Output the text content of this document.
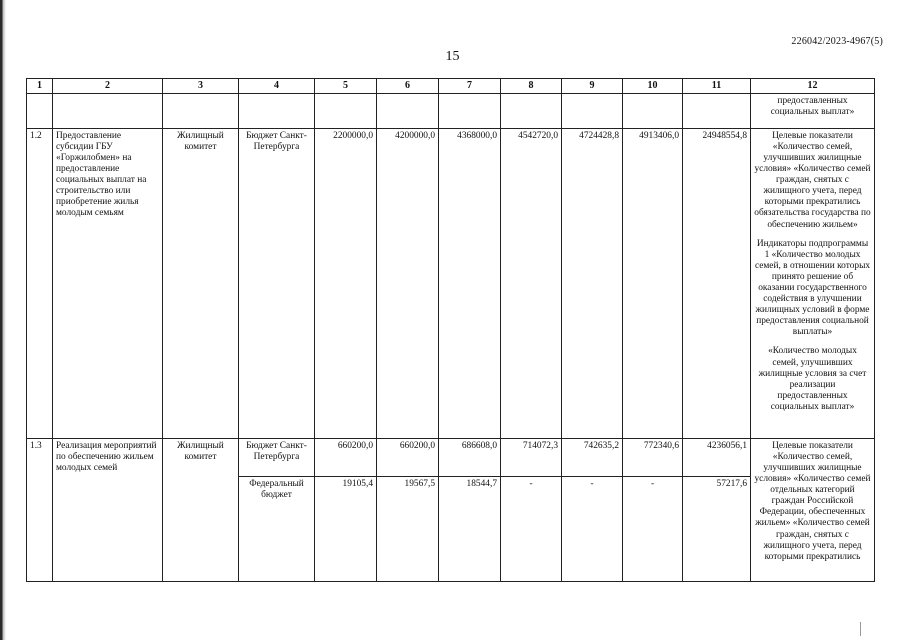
226042/2023-4967(5)
15
1	2	3	4	5	6	7	8	9	10	11	12
											предоставленных социальных выплат»
1.2	Предоставление субсидии ГБУ «Горжилобмен» на предоставление социальных выплат на строительство или приобретение жилья молодым семьям	Жилищный комитет	Бюджет Санкт-Петербурга	2200000,0	4200000,0	4368000,0	4542720,0	4724428,8	4913406,0	24948554,8	Целевые показатели «Количество семей, улучшивших жилищные условия» «Количество семей граждан, снятых с жилищного учета, перед которыми прекратились обязательства государства по обеспечению жильем»
Индикаторы подпрограммы 1 «Количество молодых семей, в отношении которых принято решение об оказании государственного содействия в улучшении жилищных условий в форме предоставления социальной выплаты»
«Количество молодых семей, улучшивших жилищные условия за счет реализации предоставленных социальных выплат»

1.3	Реализация мероприятий по обеспечению жильем молодых семей	Жилищный комитет	Бюджет Санкт-Петербурга	660200,0	660200,0	686608,0	714072,3	742635,2	772340,6	4236056,1	Целевые показатели «Количество семей, улучшивших жилищные условия» «Количество семей отдельных категорий граждан Российской Федерации, обеспеченных жильем» «Количество семей граждан, снятых с жилищного учета, перед которыми прекратились
			Федеральный бюджет	19105,4	19567,5	18544,7	-	-	-	57217,6	
